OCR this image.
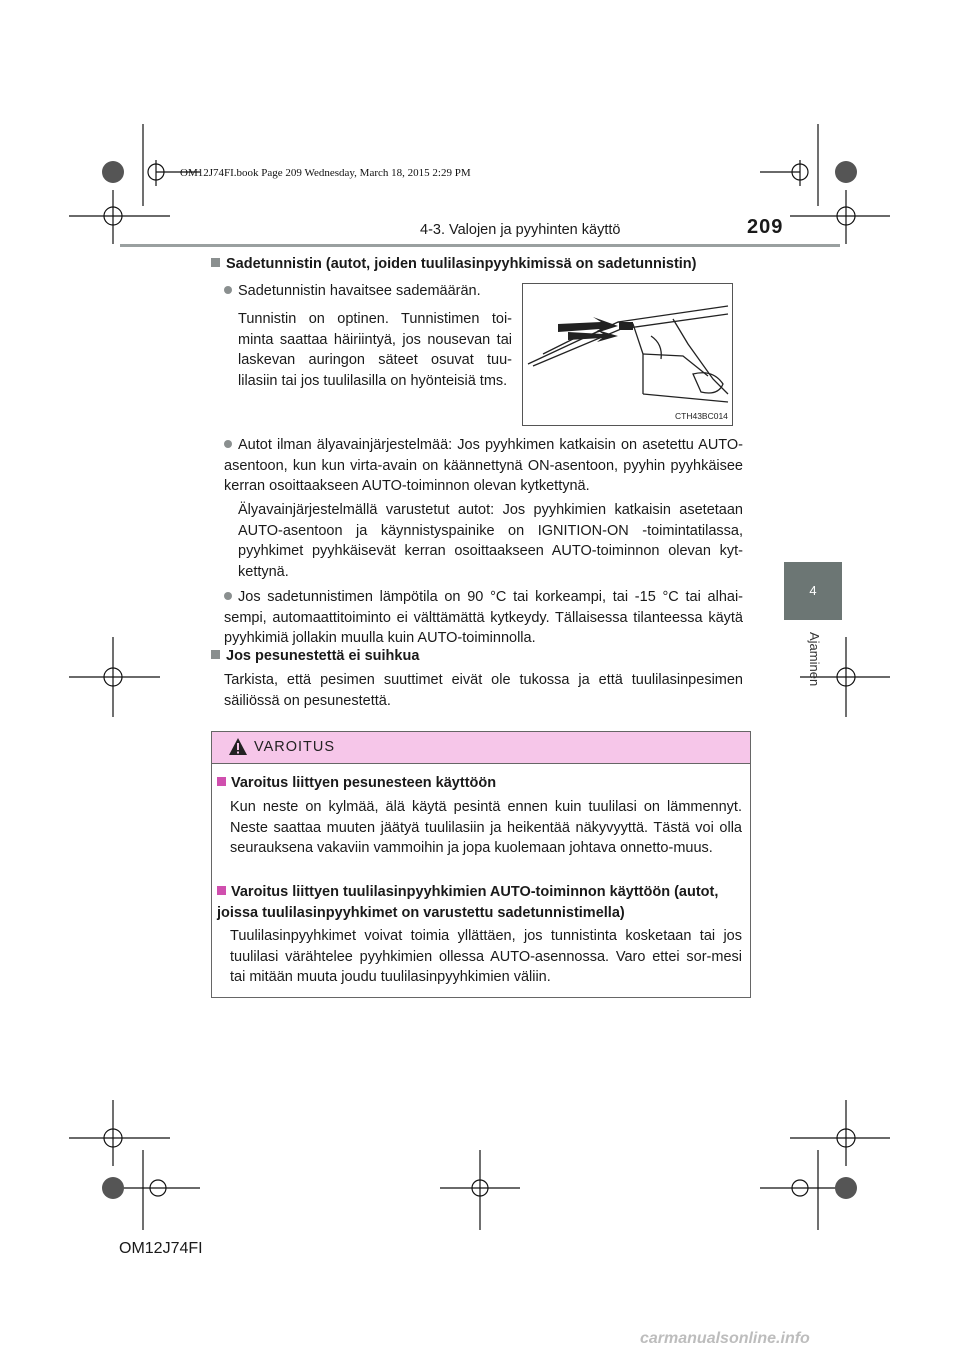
OM12J74FI.book Page 209 Wednesday, March 18, 2015 2:29 PM
4-3. Valojen ja pyyhinten käyttö	209
4
Ajaminen
Sadetunnistin (autot, joiden tuulilasinpyyhkimissä on sadetunnistin)
Sadetunnistin havaitsee sademäärän.
Tunnistin on optinen. Tunnistimen toi-minta saattaa häiriintyä, jos nousevan tai laskevan auringon säteet osuvat tuu-lilasiin tai jos tuulilasilla on hyönteisiä tms.
CTH43BC014
Autot ilman älyavainjärjestelmää: Jos pyyhkimen katkaisin on asetettu AUTO-asentoon, kun kun virta-avain on käännettynä ON-asentoon, pyyhin pyyhkäisee kerran osoittaakseen AUTO-toiminnon olevan kytkettynä.
Älyavainjärjestelmällä varustetut autot: Jos pyyhkimien katkaisin asetetaan AUTO-asentoon ja käynnistyspainike on IGNITION-ON -toimintatilassa, pyyhkimet pyyhkäisevät kerran osoittaakseen AUTO-toiminnon olevan kyt-kettynä.
Jos sadetunnistimen lämpötila on 90 °C tai korkeampi, tai -15 °C tai alhai-sempi, automaattitoiminto ei välttämättä kytkeydy. Tällaisessa tilanteessa käytä pyyhkimiä jollakin muulla kuin AUTO-toiminnolla.
Jos pesunestettä ei suihkua
Tarkista, että pesimen suuttimet eivät ole tukossa ja että tuulilasinpesimen säiliössä on pesunestettä.
VAROITUS
Varoitus liittyen pesunesteen käyttöön
Kun neste on kylmää, älä käytä pesintä ennen kuin tuulilasi on lämmennyt. Neste saattaa muuten jäätyä tuulilasiin ja heikentää näkyvyyttä. Tästä voi olla seurauksena vakaviin vammoihin ja jopa kuolemaan johtava onnetto-muus.
Varoitus liittyen tuulilasinpyyhkimien AUTO-toiminnon käyttöön (autot, joissa tuulilasinpyyhkimet on varustettu sadetunnistimella)
Tuulilasinpyyhkimet voivat toimia yllättäen, jos tunnistinta kosketaan tai jos tuulilasi värähtelee pyyhkimien ollessa AUTO-asennossa. Varo ettei sor-mesi tai mitään muuta joudu tuulilasinpyyhkimien väliin.
OM12J74FI
carmanualsonline.info
